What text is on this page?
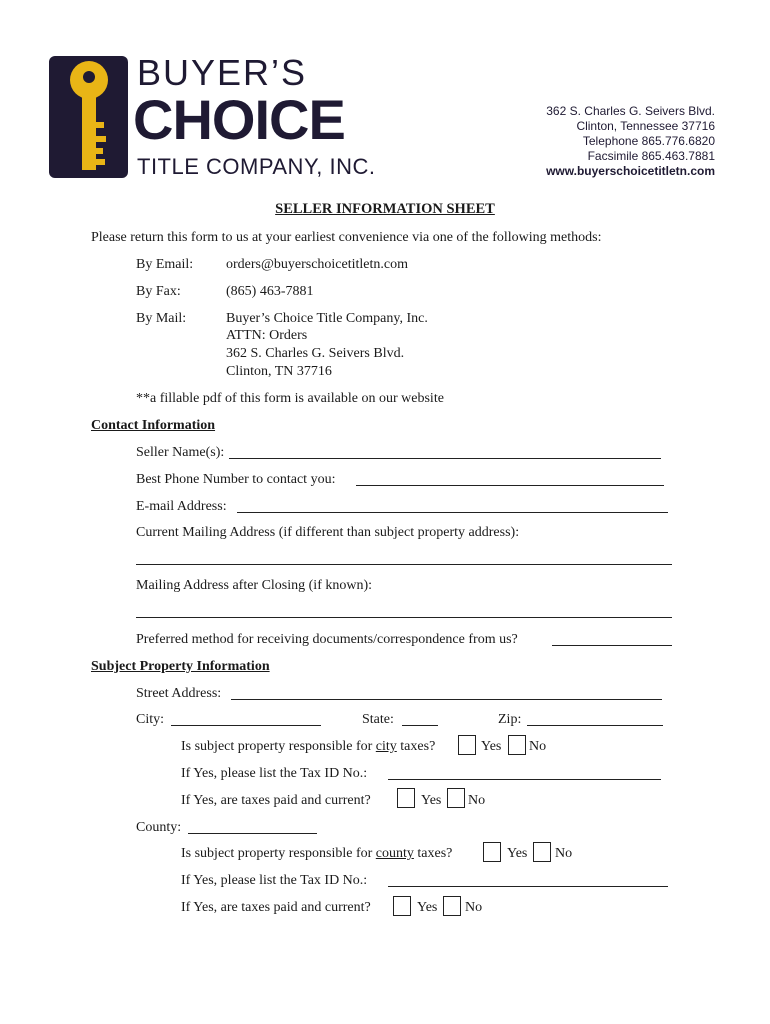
BUYER’S
CHOICE
TITLE COMPANY, INC.
362 S. Charles G. Seivers Blvd.
Clinton, Tennessee 37716
Telephone 865.776.6820
Facsimile 865.463.7881
www.buyerschoicetitletn.com
SELLER INFORMATION SHEET
Please return this form to us at your earliest convenience via one of the following methods:
By Email: orders@buyerschoicetitletn.com
By Fax:	(865) 463-7881
By Mail:	Buyer’s Choice Title Company, Inc.
ATTN: Orders
362 S. Charles G. Seivers Blvd.
Clinton, TN 37716
**a fillable pdf of this form is available on our website
Contact Information
Seller Name(s):
Best Phone Number to contact you:
E-mail Address:
Current Mailing Address (if different than subject property address):
Mailing Address after Closing (if known):
Preferred method for receiving documents/correspondence from us?
Subject Property Information
Street Address:
City:	State:	Zip:
Is subject property responsible for city taxes?	Yes No
If Yes, please list the Tax ID No.:
If Yes, are taxes paid and current?	Yes No
County:
Is subject property responsible for county taxes?	Yes No
If Yes, please list the Tax ID No.:
If Yes, are taxes paid and current?	Yes No
